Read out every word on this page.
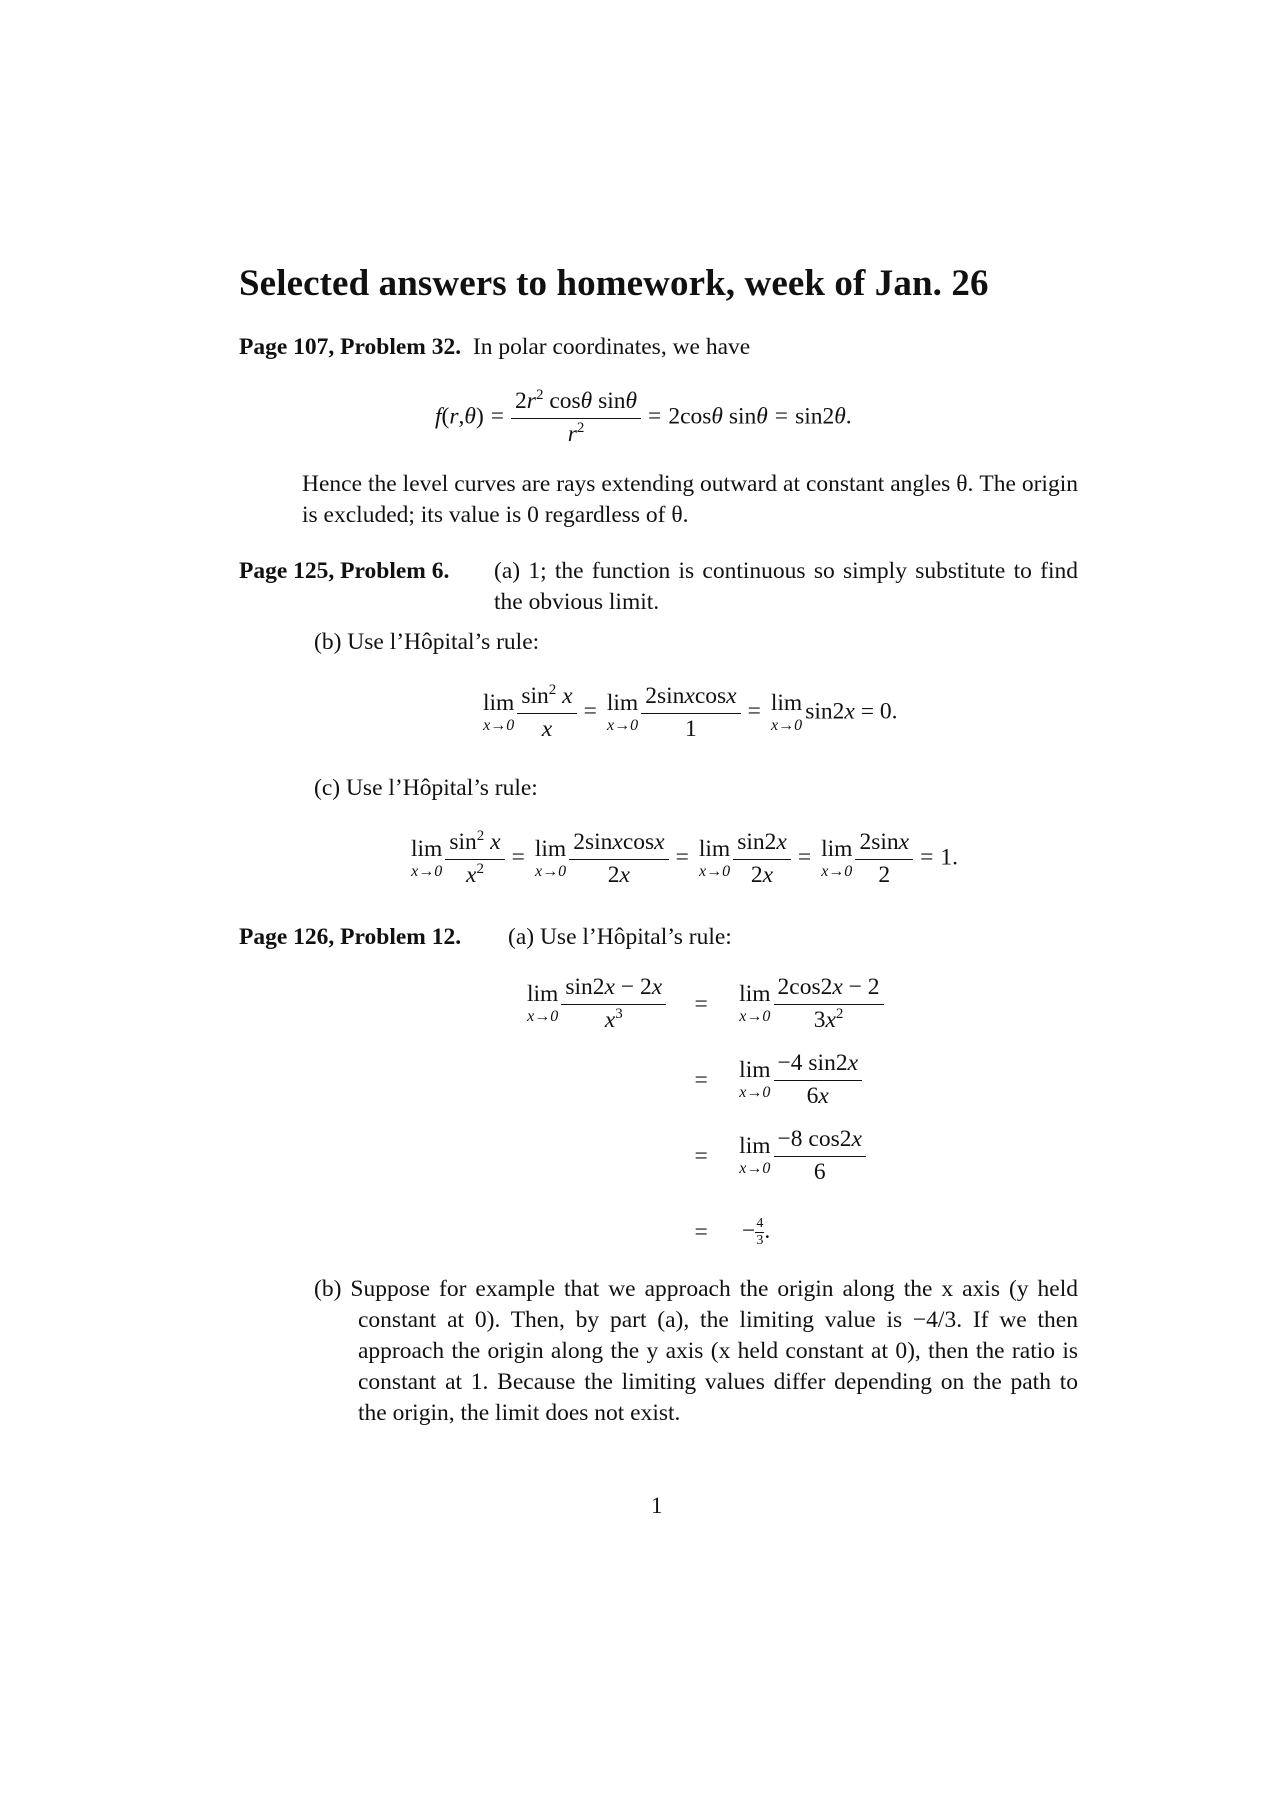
Selected answers to homework, week of Jan. 26
Page 107, Problem 32. In polar coordinates, we have
$f(r,\theta) = \frac{2r^2 \cos\theta \sin\theta}{r^2} = 2\cos\theta$ sinθ = sin2θ.
Hence the level curves are rays extending outward at constant angles θ. The origin is excluded; its value is 0 regardless of θ.
Page 125, Problem 6. (a) 1; the function is continuous so simply substitute to find the obvious limit.
(b) Use l’Hôpital’s rule:
lim
$x\to 0 \frac{\sin^2 x}{x} = \lim$
$x\to 0 \frac{\text{2sinxcosx}}{1} = \lim$
x→0
sin2x = 0.
(c) Use l’Hôpital’s rule:
lim
$x\to 0 \frac{\sin^2 x}{x^2} = \lim$
$x\to 0 \frac{\text{2sinxcosx}}{2x} = \lim$
$x\to 0 \frac{\sin 2x}{2x} = \lim$
$x\to 0 \frac{2\sin x}{2} = 1$.
Page 126, Problem 12. (a) Use l’Hôpital’s rule:
lim
$x\to 0 \frac{\sin 2x - 2x}{x^3}$	=	lim
$x\to 0 \frac{2\cos 2x - 2}{3x^2}$

	=	lim
$x\to 0 \frac{-4 \sin 2x}{6x}$

	=	lim
$x\to 0 \frac{-8 \cos 2x}{6}$

	=	− $\frac{4}{3}$ .
(b) Suppose for example that we approach the origin along the x axis (y held constant at 0). Then, by part (a), the limiting value is −4/3. If we then approach the origin along the y axis (x held constant at 0), then the ratio is constant at 1. Because the limiting values differ depending on the path to the origin, the limit does not exist.
1
